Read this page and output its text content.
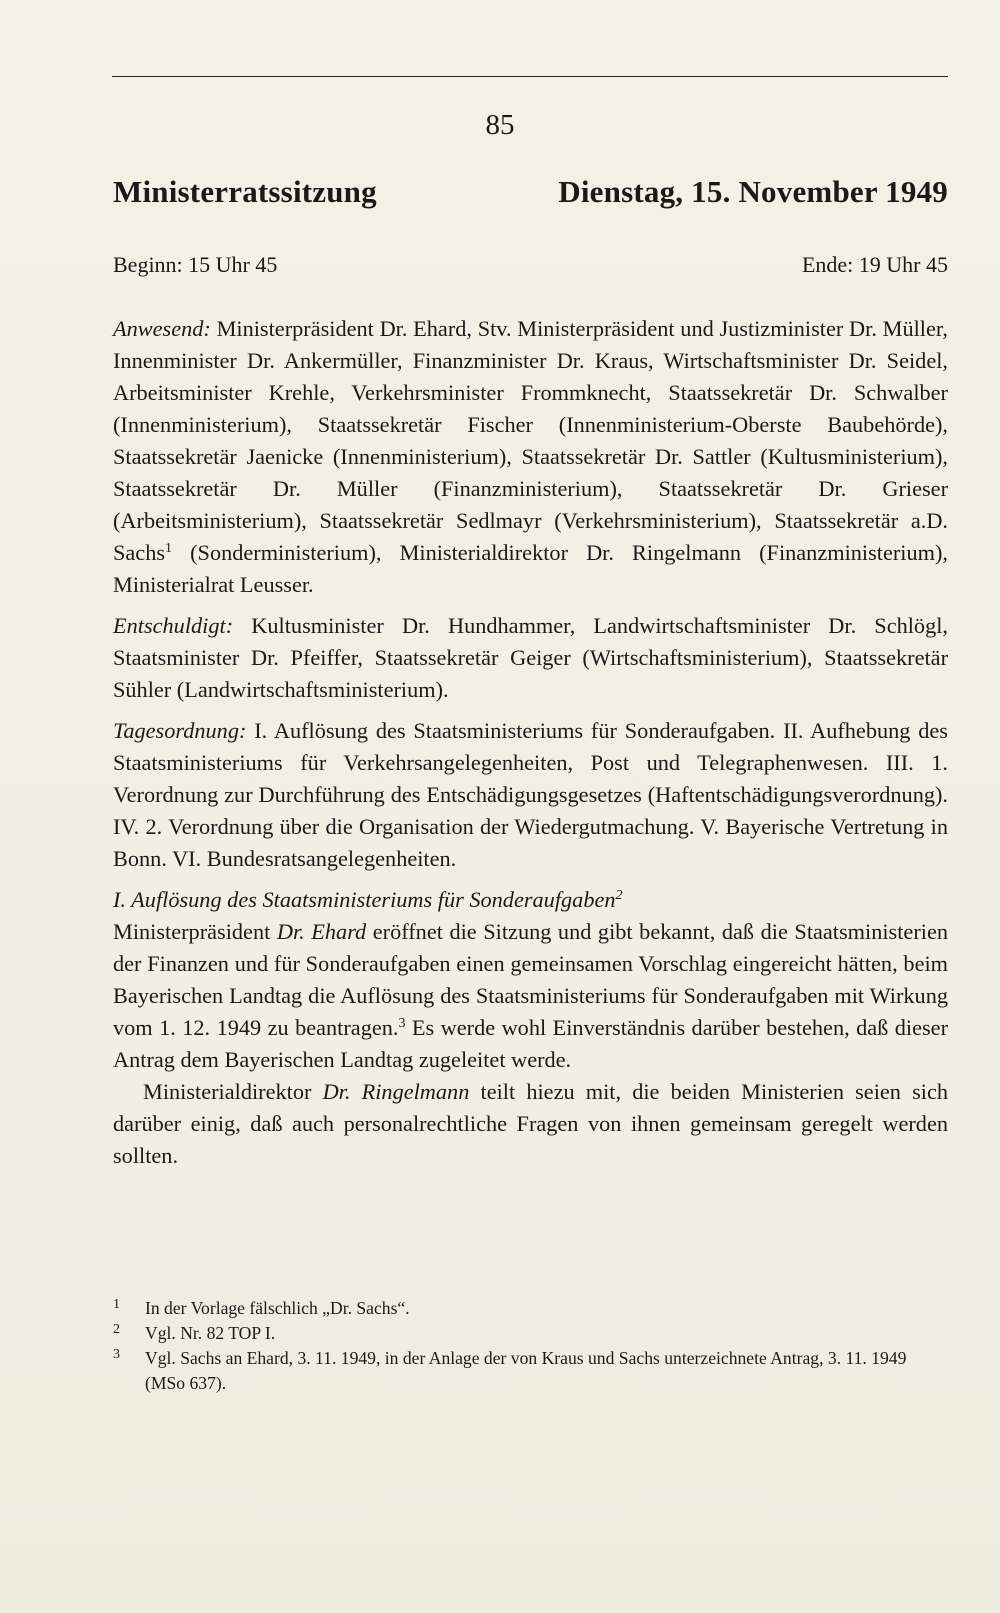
85
Ministerratssitzung	Dienstag, 15. November 1949
Beginn: 15 Uhr 45	Ende: 19 Uhr 45

Anwesend: Ministerpräsident Dr. Ehard, Stv. Ministerpräsident und Justizminister Dr. Müller, Innenminister Dr. Ankermüller, Finanzminister Dr. Kraus, Wirtschaftsminister Dr. Seidel, Arbeitsminister Krehle, Verkehrsminister Frommknecht, Staatssekretär Dr. Schwalber (Innenministerium), Staatssekretär Fischer (Innenministerium-Oberste Baubehörde), Staatssekretär Jaenicke (Innenministerium), Staatssekretär Dr. Sattler (Kultusministerium), Staatssekretär Dr. Müller (Finanzministerium), Staatssekretär Dr. Grieser (Arbeitsministerium), Staatssekretär Sedlmayr (Verkehrsministerium), Staatssekretär a.D. Sachs$^1$ (Sonderministerium), Ministerialdirektor Dr. Ringelmann (Finanzministerium), Ministerialrat Leusser.

Entschuldigt: Kultusminister Dr. Hundhammer, Landwirtschaftsminister Dr. Schlögl, Staatsminister Dr. Pfeiffer, Staatssekretär Geiger (Wirtschaftsministerium), Staatssekretär Sühler (Landwirtschaftsministerium).

Tagesordnung: I. Auflösung des Staatsministeriums für Sonderaufgaben. II. Aufhebung des Staatsministeriums für Verkehrsangelegenheiten, Post und Telegraphenwesen. III. 1. Verordnung zur Durchführung des Entschädigungsgesetzes (Haftentschädigungsverordnung). IV. 2. Verordnung über die Organisation der Wiedergutmachung. V. Bayerische Vertretung in Bonn. VI. Bundesratsangelegenheiten.

I. Auflösung des Staatsministeriums für Sonderaufgaben$^2$

Ministerpräsident Dr. Ehard eröffnet die Sitzung und gibt bekannt, daß die Staatsministerien der Finanzen und für Sonderaufgaben einen gemeinsamen Vorschlag eingereicht hätten, beim Bayerischen Landtag die Auflösung des Staatsministeriums für Sonderaufgaben mit Wirkung vom 1. 12. 1949 zu beantragen.$^3$ Es werde wohl Einverständnis darüber bestehen, daß dieser Antrag dem Bayerischen Landtag zugeleitet werde.

Ministerialdirektor Dr. Ringelmann teilt hiezu mit, die beiden Ministerien seien sich darüber einig, daß auch personalrechtliche Fragen von ihnen gemeinsam geregelt werden sollten.

1	In der Vorlage fälschlich „Dr. Sachs“.
2	Vgl. Nr. 82 TOP I.
3	Vgl. Sachs an Ehard, 3. 11. 1949, in der Anlage der von Kraus und Sachs unterzeichnete Antrag, 3. 11. 1949 (MSo 637).
